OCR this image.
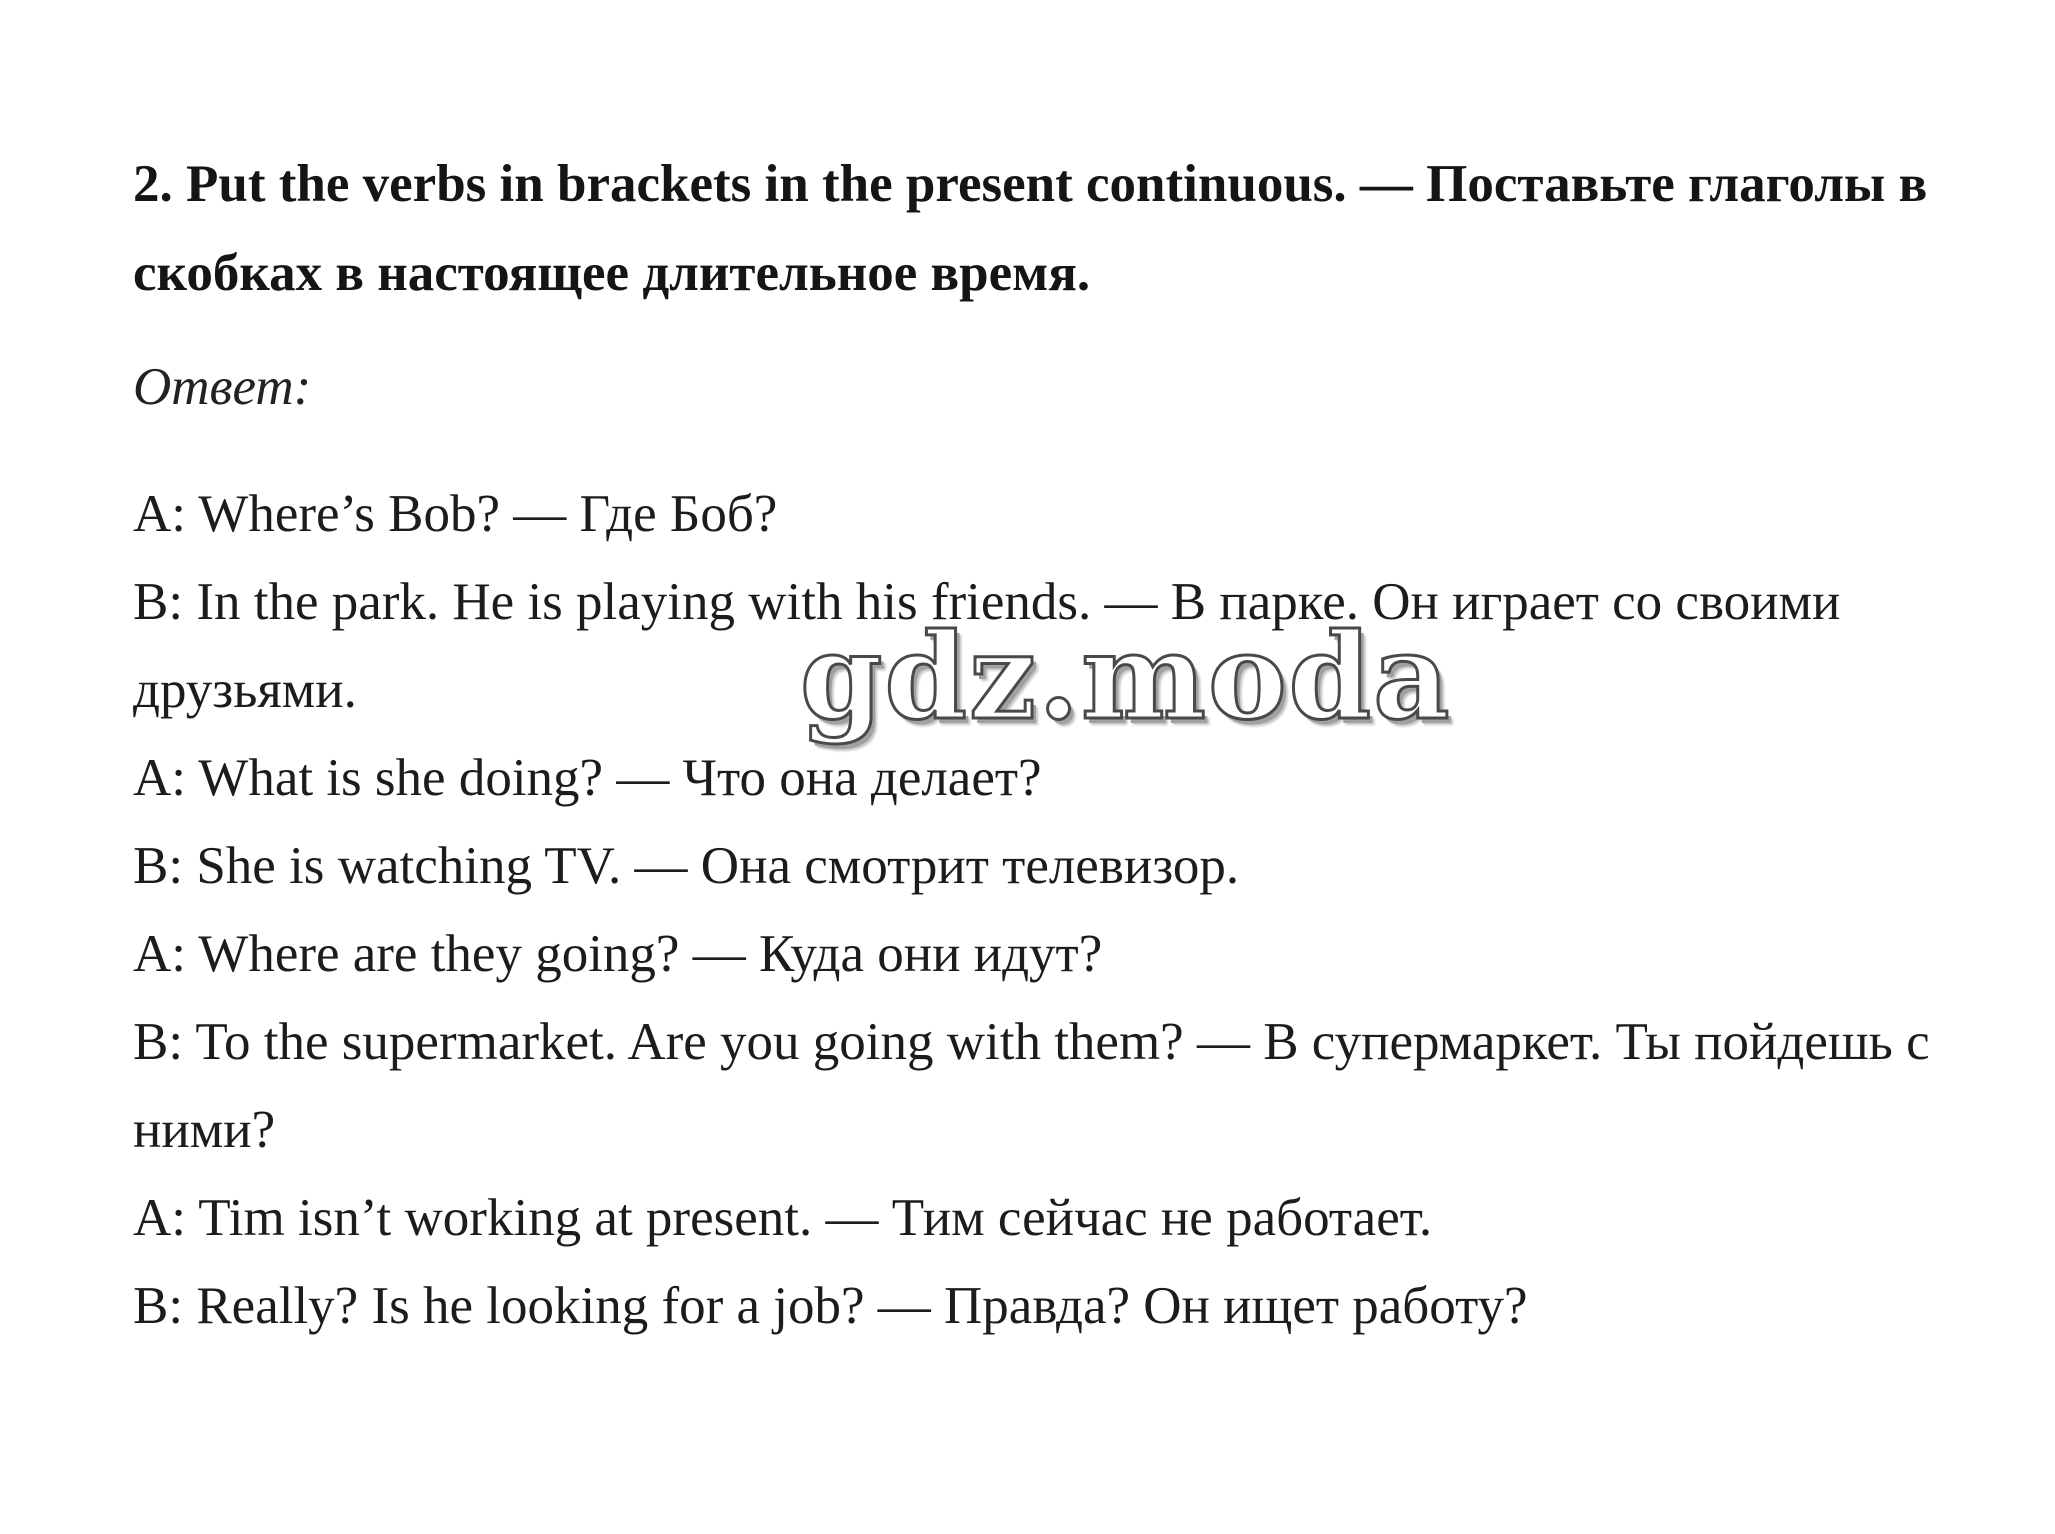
2. Put the verbs in brackets in the present continuous. — Поставьте глаголы в скобках в настоящее длительное время.
Ответ:
A: Where’s Bob? — Где Боб?
B: In the park. He is playing with his friends. — В парке. Он играет со своими друзьями.
A: What is she doing? — Что она делает?
B: She is watching TV. — Она смотрит телевизор.
A: Where are they going? — Куда они идут?
B: To the supermarket. Are you going with them? — В супермаркет. Ты пойдешь с ними?
A: Tim isn’t working at present. — Тим сейчас не работает.
B: Really? Is he looking for a job? — Правда? Он ищет работу?
gdz.moda
